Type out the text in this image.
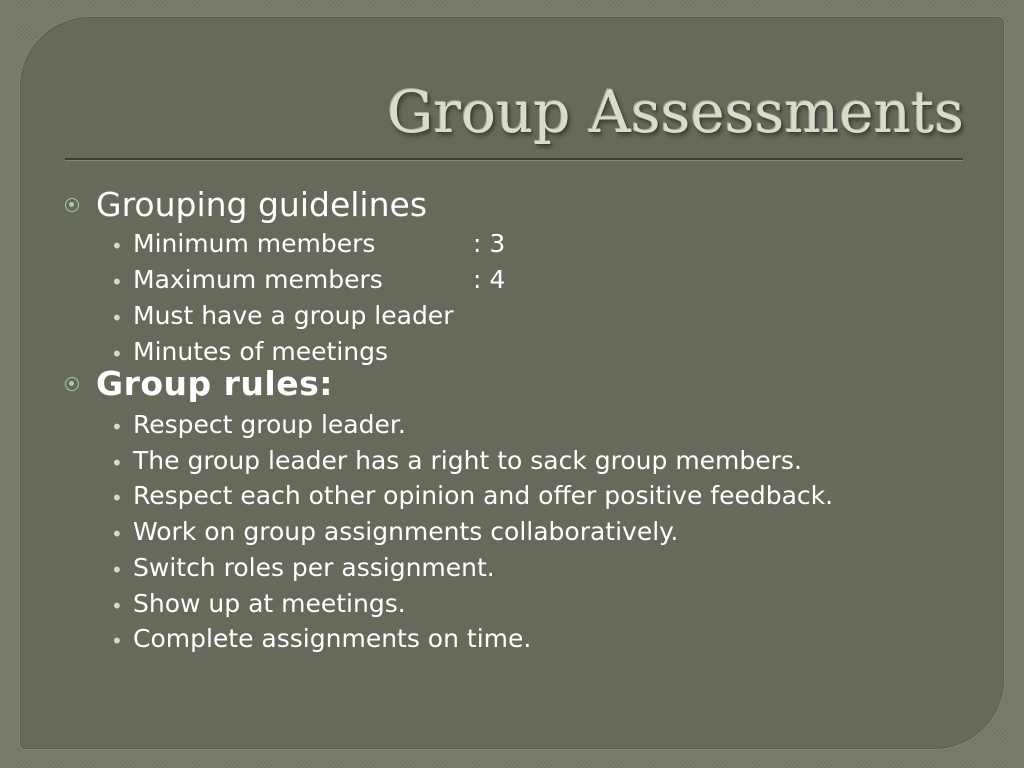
Group Assessments
Grouping guidelines
• Minimum members	: 3
• Maximum members	: 4
• Must have a group leader
• Minutes of meetings
Group rules:
• Respect group leader.
• The group leader has a right to sack group members.
• Respect each other opinion and offer positive feedback.
• Work on group assignments collaboratively.
• Switch roles per assignment.
• Show up at meetings.
• Complete assignments on time.
